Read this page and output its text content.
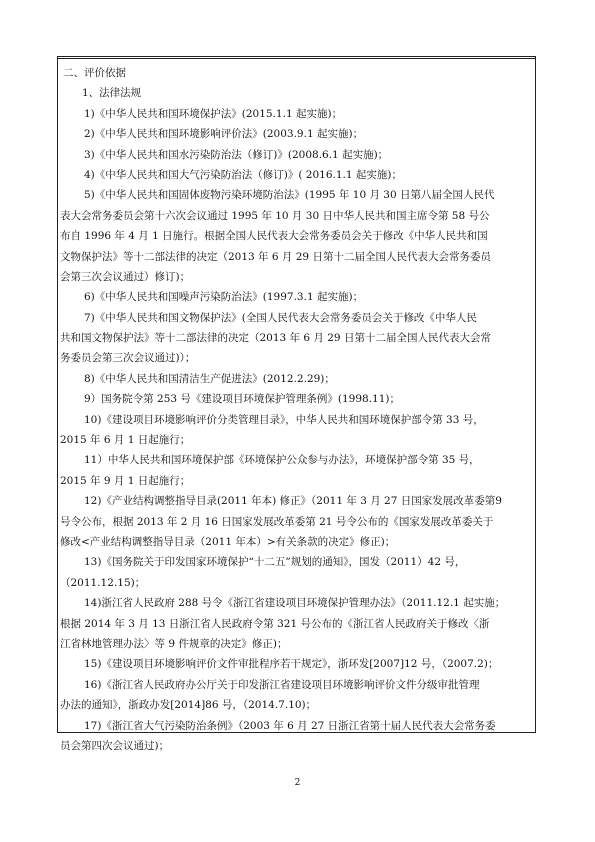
二、评价依据
1、法律法规
1)《中华人民共和国环境保护法》(2015.1.1 起实施)；
2)《中华人民共和国环境影响评价法》(2003.9.1 起实施)；
3)《中华人民共和国水污染防治法（修订)》(2008.6.1 起实施)；
4)《中华人民共和国大气污染防治法（修订)》( 2016.1.1 起实施)；
5)《中华人民共和国固体废物污染环境防治法》(1995 年 10 月 30 日第八届全国人民代
表大会常务委员会第十六次会议通过 1995 年 10 月 30 日中华人民共和国主席令第 58 号公
布自 1996 年 4 月 1 日施行。根据全国人民代表大会常务委员会关于修改《中华人民共和国
文物保护法》等十二部法律的决定（2013 年 6 月 29 日第十二届全国人民代表大会常务委员
会第三次会议通过）修订)；
6)《中华人民共和国噪声污染防治法》(1997.3.1 起实施)；
7)《中华人民共和国文物保护法》(全国人民代表大会常务委员会关于修改《中华人民
共和国文物保护法》等十二部法律的决定（2013 年 6 月 29 日第十二届全国人民代表大会常
务委员会第三次会议通过)）；
8)《中华人民共和国清洁生产促进法》(2012.2.29)；
9）国务院令第 253 号《建设项目环境保护管理条例》(1998.11)；
10)《建设项目环境影响评价分类管理目录》，中华人民共和国环境保护部令第 33 号，
2015 年 6 月 1 日起施行；
11）中华人民共和国环境保护部《环境保护公众参与办法》，环境保护部令第 35 号，
2015 年 9 月 1 日起施行；
12)《产业结构调整指导目录(2011 年本) 修正》（2011 年 3 月 27 日国家发展改革委第9
号令公布，根据 2013 年 2 月 16 日国家发展改革委第 21 号令公布的《国家发展改革委关于
修改<产业结构调整指导目录（2011 年本）>有关条款的决定》修正)；
13)《国务院关于印发国家环境保护“十二五”规划的通知》，国发（2011）42 号，
（2011.12.15)；
14)浙江省人民政府 288 号令《浙江省建设项目环境保护管理办法》（2011.12.1 起实施；
根据 2014 年 3 月 13 日浙江省人民政府令第 321 号公布的《浙江省人民政府关于修改〈浙
江省林地管理办法〉等 9 件规章的决定》修正)；
15)《建设项目环境影响评价文件审批程序若干规定》，浙环发[2007]12 号，（2007.2)；
16)《浙江省人民政府办公厅关于印发浙江省建设项目环境影响评价文件分级审批管理
办法的通知》，浙政办发[2014]86 号，（2014.7.10)；
17)《浙江省大气污染防治条例》（2003 年 6 月 27 日浙江省第十届人民代表大会常务委
员会第四次会议通过)；
2
